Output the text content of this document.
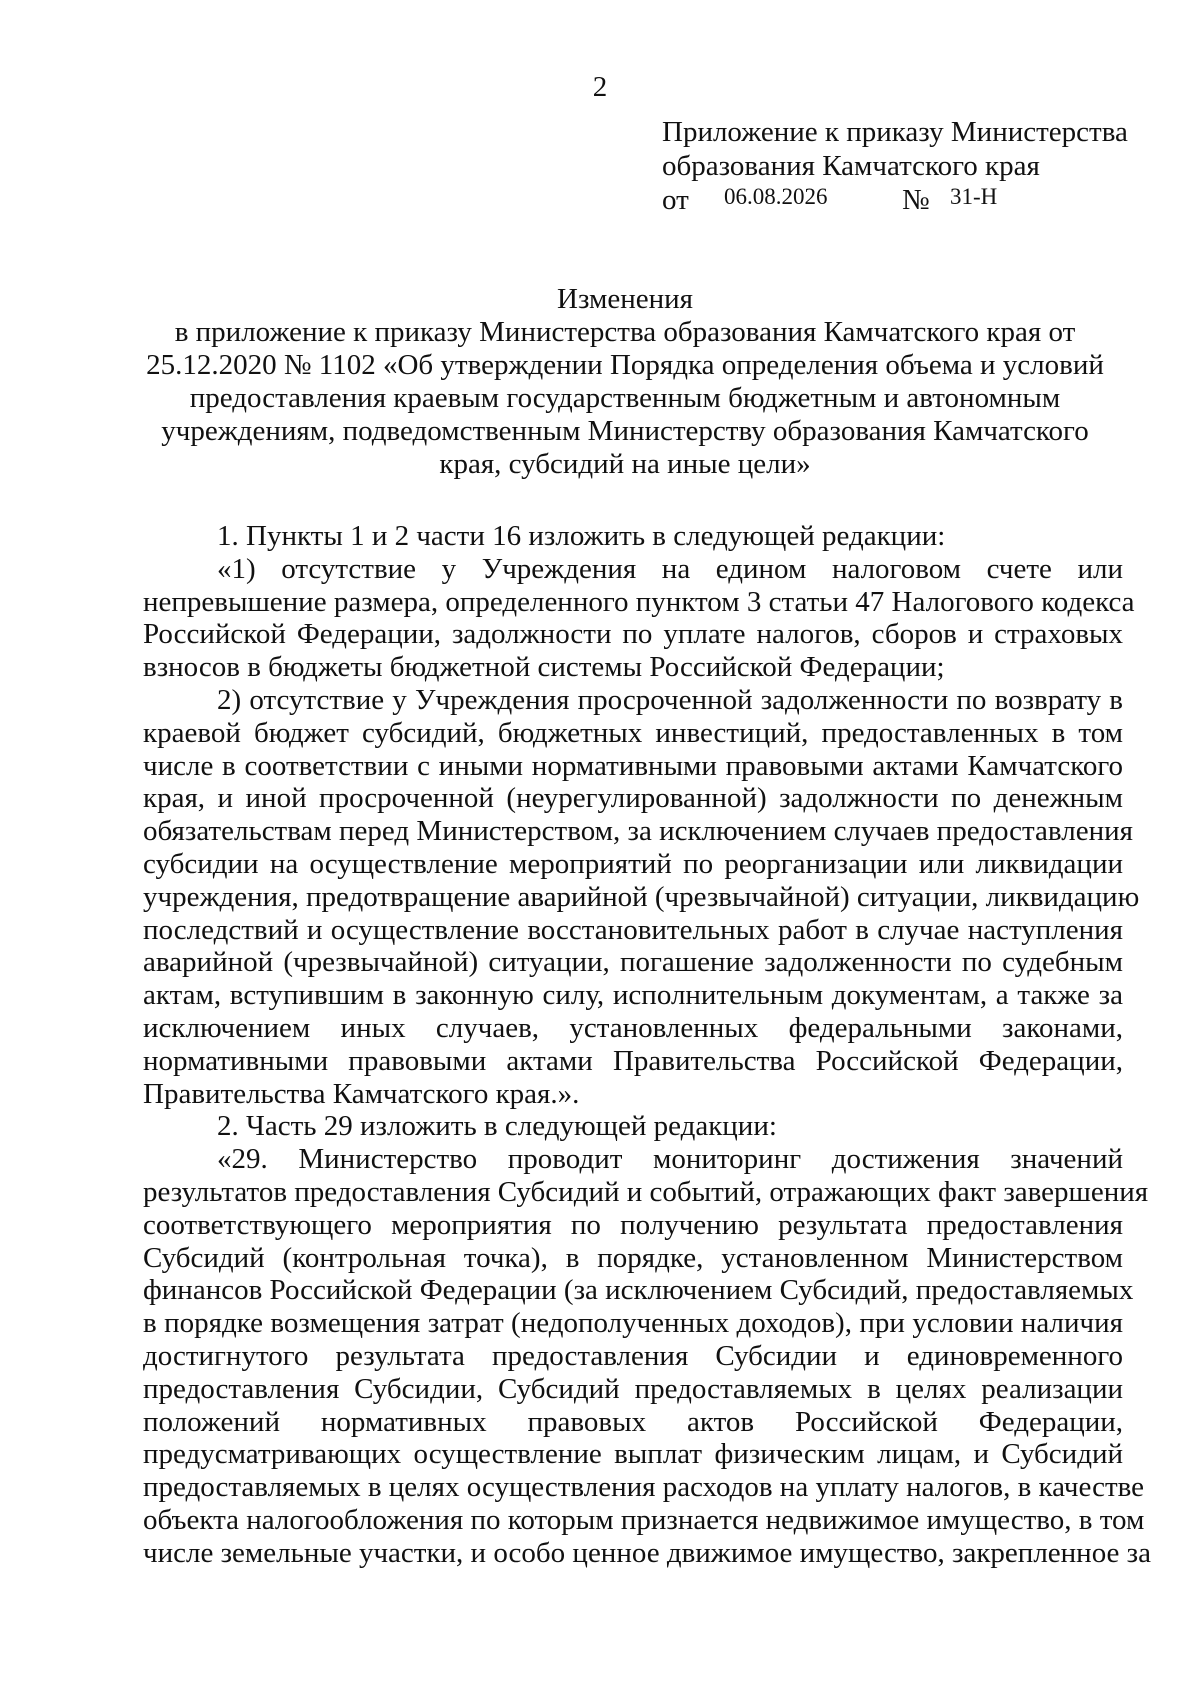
2
Приложение к приказу Министерства
образования Камчатского края
от 06.08.2026	№ 31-Н
Изменения
в приложение к приказу Министерства образования Камчатского края от
25.12.2020 № 1102 «Об утверждении Порядка определения объема и условий
предоставления краевым государственным бюджетным и автономным
учреждениям, подведомственным Министерству образования Камчатского
края, субсидий на иные цели»
1. Пункты 1 и 2 части 16 изложить в следующей редакции:
«1) отсутствие у Учреждения на едином налоговом счете или
непревышение размера, определенного пунктом 3 статьи 47 Налогового кодекса
Российской Федерации, задолжности по уплате налогов, сборов и страховых
взносов в бюджеты бюджетной системы Российской Федерации;
2) отсутствие у Учреждения просроченной задолженности по возврату в
краевой бюджет субсидий, бюджетных инвестиций, предоставленных в том
числе в соответствии с иными нормативными правовыми актами Камчатского
края, и иной просроченной (неурегулированной) задолжности по денежным
обязательствам перед Министерством, за исключением случаев предоставления
субсидии на осуществление мероприятий по реорганизации или ликвидации
учреждения, предотвращение аварийной (чрезвычайной) ситуации, ликвидацию
последствий и осуществление восстановительных работ в случае наступления
аварийной (чрезвычайной) ситуации, погашение задолженности по судебным
актам, вступившим в законную силу, исполнительным документам, а также за
исключением иных случаев, установленных федеральными законами,
нормативными правовыми актами Правительства Российской Федерации,
Правительства Камчатского края.».
2. Часть 29 изложить в следующей редакции:
«29. Министерство проводит мониторинг достижения значений
результатов предоставления Субсидий и событий, отражающих факт завершения
соответствующего мероприятия по получению результата предоставления
Субсидий (контрольная точка), в порядке, установленном Министерством
финансов Российской Федерации (за исключением Субсидий, предоставляемых
в порядке возмещения затрат (недополученных доходов), при условии наличия
достигнутого результата предоставления Субсидии и единовременного
предоставления Субсидии, Субсидий предоставляемых в целях реализации
положений нормативных правовых актов Российской Федерации,
предусматривающих осуществление выплат физическим лицам, и Субсидий
предоставляемых в целях осуществления расходов на уплату налогов, в качестве
объекта налогообложения по которым признается недвижимое имущество, в том
числе земельные участки, и особо ценное движимое имущество, закрепленное за
